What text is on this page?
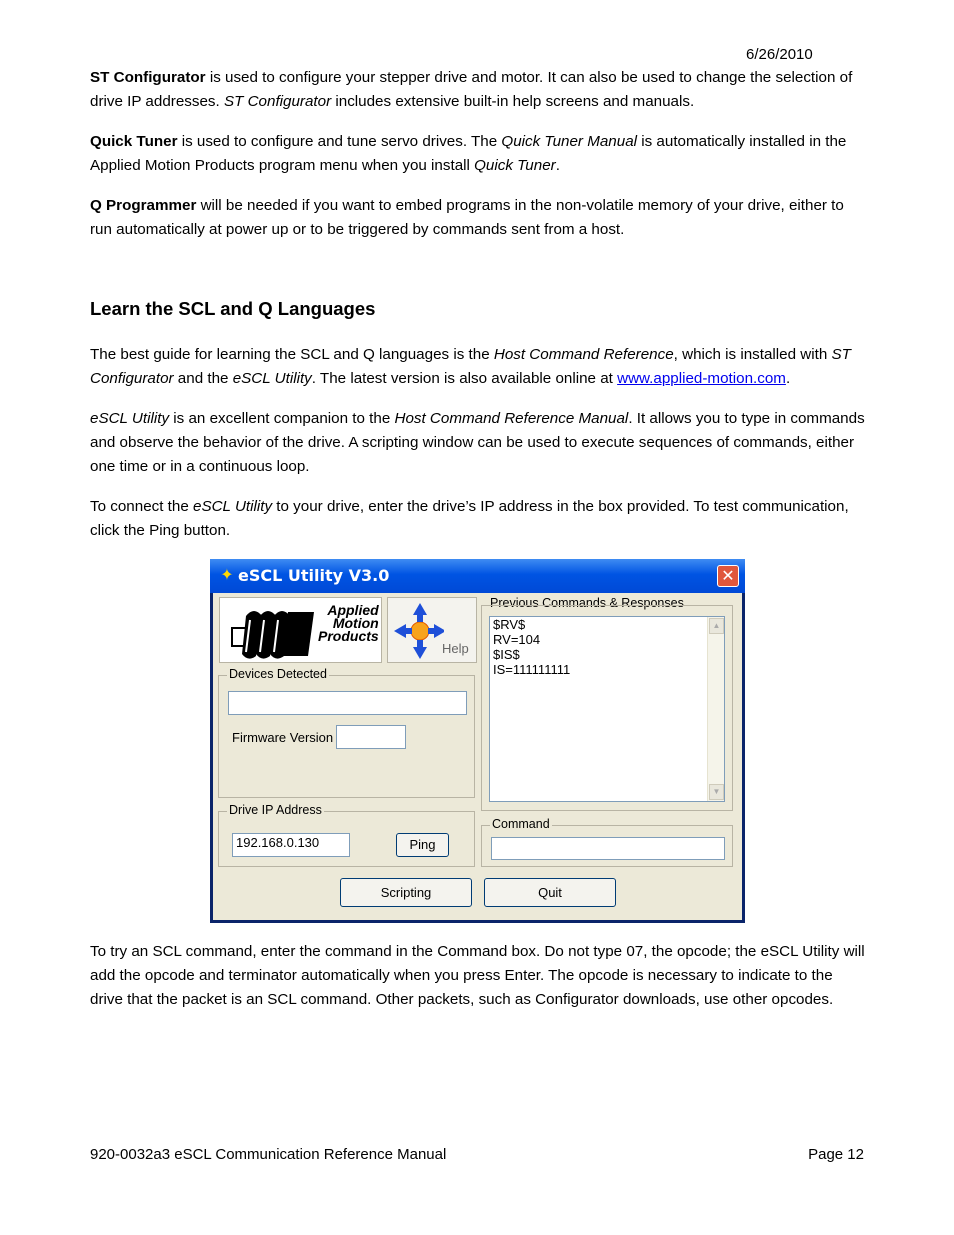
6/26/2010

ST Configurator is used to configure your stepper drive and motor. It can also be used to change the selection of drive IP addresses. ST Configurator includes extensive built-in help screens and manuals.

Quick Tuner is used to configure and tune servo drives. The Quick Tuner Manual is automatically installed in the Applied Motion Products program menu when you install Quick Tuner.

Q Programmer will be needed if you want to embed programs in the non-volatile memory of your drive, either to run automatically at power up or to be triggered by commands sent from a host.

Learn the SCL and Q Languages

The best guide for learning the SCL and Q languages is the Host Command Reference, which is installed with ST Configurator and the eSCL Utility. The latest version is also available online at www.applied-motion.com.

eSCL Utility is an excellent companion to the Host Command Reference Manual. It allows you to type in commands and observe the behavior of the drive. A scripting window can be used to execute sequences of commands, either one time or in a continuous loop.

To connect the eSCL Utility to your drive, enter the drive’s IP address in the box provided. To test communication, click the Ping button.

✦ eSCL Utility V3.0	✕
Applied
Motion
Products
Help
Devices Detected
Firmware Version
Previous Commands & Responses
$RV$
RV=104
$IS$
IS=111111111
▲
▼
Drive IP Address
192.168.0.130	Ping
Command
Scripting	Quit

To try an SCL command, enter the command in the Command box. Do not type 07, the opcode; the eSCL Utility will add the opcode and terminator automatically when you press Enter. The opcode is necessary to indicate to the drive that the packet is an SCL command. Other packets, such as Configurator downloads, use other opcodes.

920-0032a3 eSCL Communication Reference Manual	Page 12
